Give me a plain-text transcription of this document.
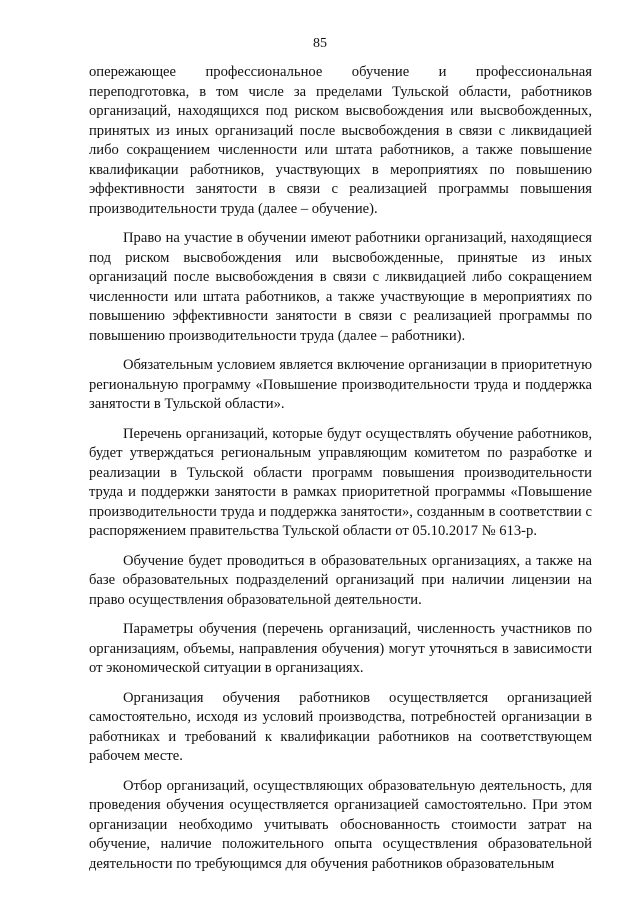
85

опережающее профессиональное обучение и профессиональная переподготовка, в том числе за пределами Тульской области, работников организаций, находящихся под риском высвобождения или высвобожденных, принятых из иных организаций после высвобождения в связи с ликвидацией либо сокращением численности или штата работников, а также повышение квалификации работников, участвующих в мероприятиях по повышению эффективности занятости в связи с реализацией программы повышения производительности труда (далее – обучение).

Право на участие в обучении имеют работники организаций, находящиеся под риском высвобождения или высвобожденные, принятые из иных организаций после высвобождения в связи с ликвидацией либо сокращением численности или штата работников, а также участвующие в мероприятиях по повышению эффективности занятости в связи с реализацией программы по повышению производительности труда (далее – работники).

Обязательным условием является включение организации в приоритетную региональную программу «Повышение производительности труда и поддержка занятости в Тульской области».

Перечень организаций, которые будут осуществлять обучение работников, будет утверждаться региональным управляющим комитетом по разработке и реализации в Тульской области программ повышения производительности труда и поддержки занятости в рамках приоритетной программы «Повышение производительности труда и поддержка занятости», созданным в соответствии с распоряжением правительства Тульской области от 05.10.2017 № 613-р.

Обучение будет проводиться в образовательных организациях, а также на базе образовательных подразделений организаций при наличии лицензии на право осуществления образовательной деятельности.

Параметры обучения (перечень организаций, численность участников по организациям, объемы, направления обучения) могут уточняться в зависимости от экономической ситуации в организациях.

Организация обучения работников осуществляется организацией самостоятельно, исходя из условий производства, потребностей организации в работниках и требований к квалификации работников на соответствующем рабочем месте.

Отбор организаций, осуществляющих образовательную деятельность, для проведения обучения осуществляется организацией самостоятельно. При этом организации необходимо учитывать обоснованность стоимости затрат на обучение, наличие положительного опыта осуществления образовательной деятельности по требующимся для обучения работников образовательным
